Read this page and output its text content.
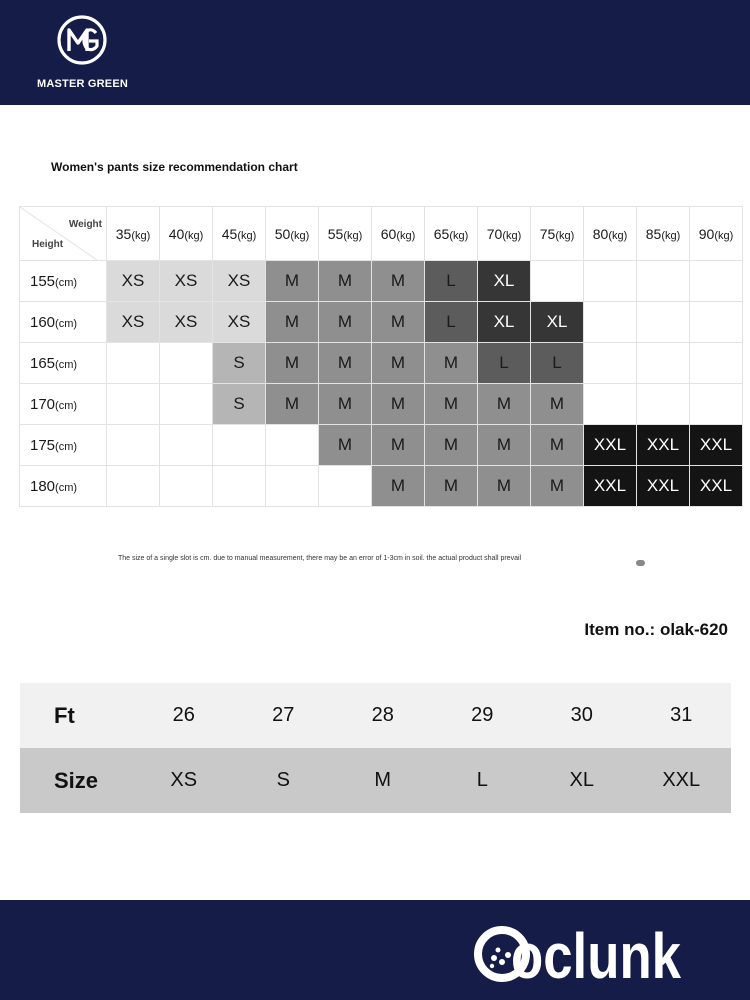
MASTER GREEN
Women's pants size recommendation chart
Weight
Height	35(kg)	40(kg)	45(kg)	50(kg)	55(kg)	60(kg)	65(kg)	70(kg)	75(kg)	80(kg)	85(kg)	90(kg)
155(cm)	XS	XS	XS	M	M	M	L	XL				
160(cm)	XS	XS	XS	M	M	M	L	XL	XL			
165(cm)			S	M	M	M	M	L	L			
170(cm)			S	M	M	M	M	M	M			
175(cm)					M	M	M	M	M	XXL	XXL	XXL
180(cm)						M	M	M	M	XXL	XXL	XXL
The size of a single slot is cm. due to manual measurement, there may be an error of 1-3cm in soil. the actual product shall prevail
Item no.: olak-620
Ft	26	27	28	29	30	31
Size	XS	S	M	L	XL	XXL
oclunk
